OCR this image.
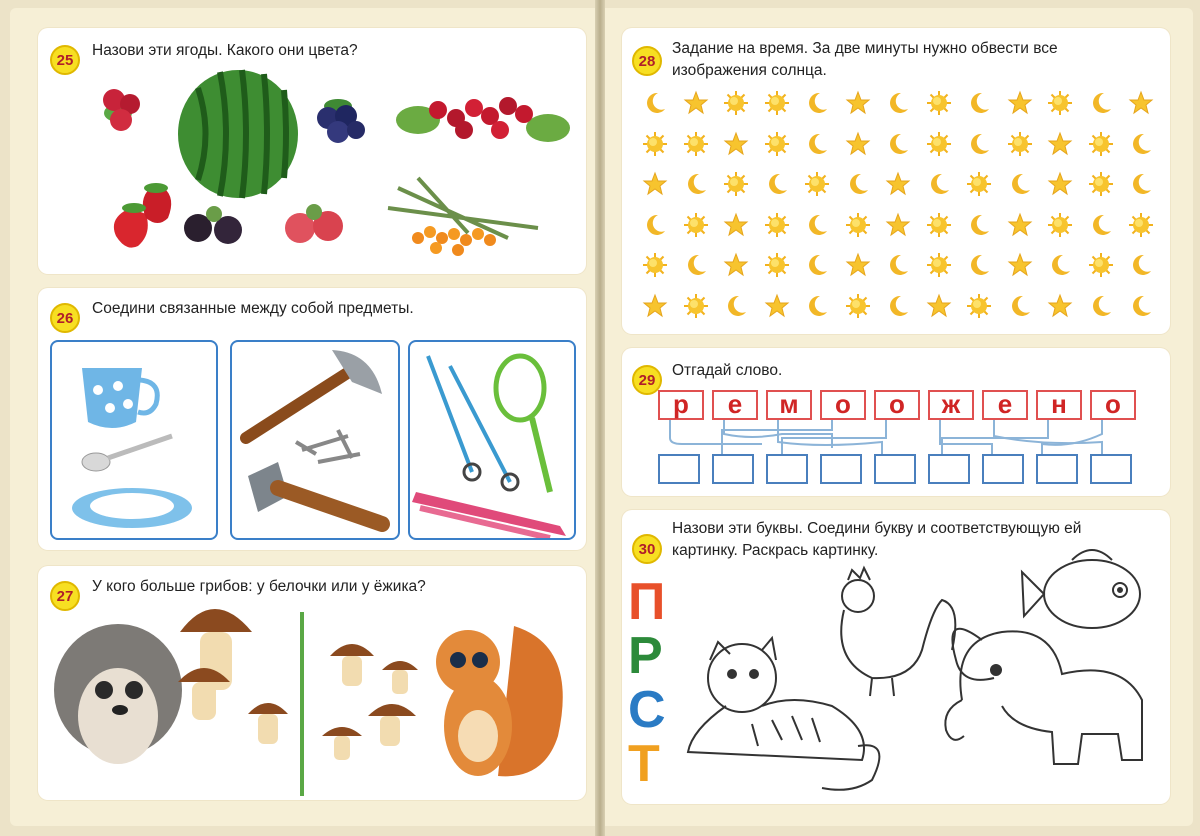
25
Назови эти ягоды. Какого они цвета?
26
Соедини связанные между собой предметы.
27
У кого больше грибов: у белочки или у ёжика?
28
Задание на время. За две минуты нужно обвести все
изображения солнца.
29
Отгадай слово.
р	е	м	о	о	ж	е	н	о
30
Назови эти буквы. Соедини букву и соответствующую ей
картинку. Раскрась картинку.
П
Р
С
Т
